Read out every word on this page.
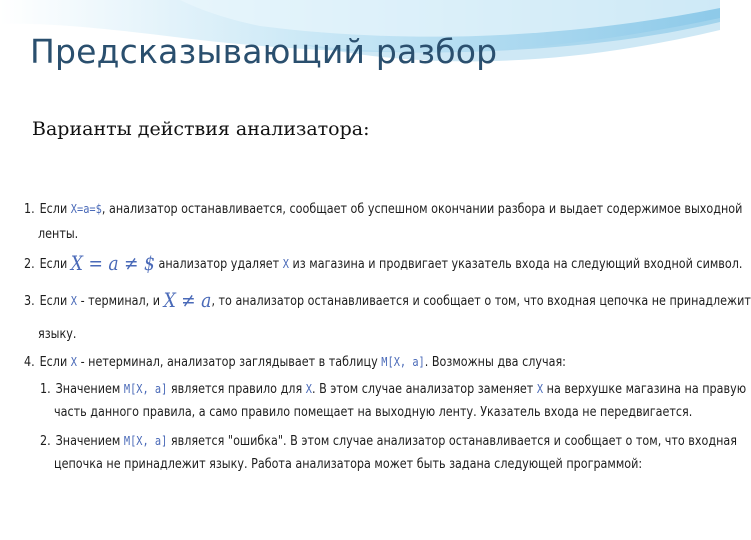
Предсказывающий разбор
Варианты действия анализатора:
1. Если X=a=$, анализатор останавливается, сообщает об успешном окончании разбора и выдает содержимое выходной
ленты.
2. Если X = a ≠ $ анализатор удаляет X из магазина и продвигает указатель входа на следующий входной символ.
3. Если X - терминал, и X ≠ a, то анализатор останавливается и сообщает о том, что входная цепочка не принадлежит
языку.
4. Если X - нетерминал, анализатор заглядывает в таблицу M[X, a]. Возможны два случая:
1. Значением M[X, a] является правило для X. В этом случае анализатор заменяет X на верхушке магазина на правую
часть данного правила, а само правило помещает на выходную ленту. Указатель входа не передвигается.
2. Значением M[X, a] является "ошибка". В этом случае анализатор останавливается и сообщает о том, что входная
цепочка не принадлежит языку. Работа анализатора может быть задана следующей программой:
